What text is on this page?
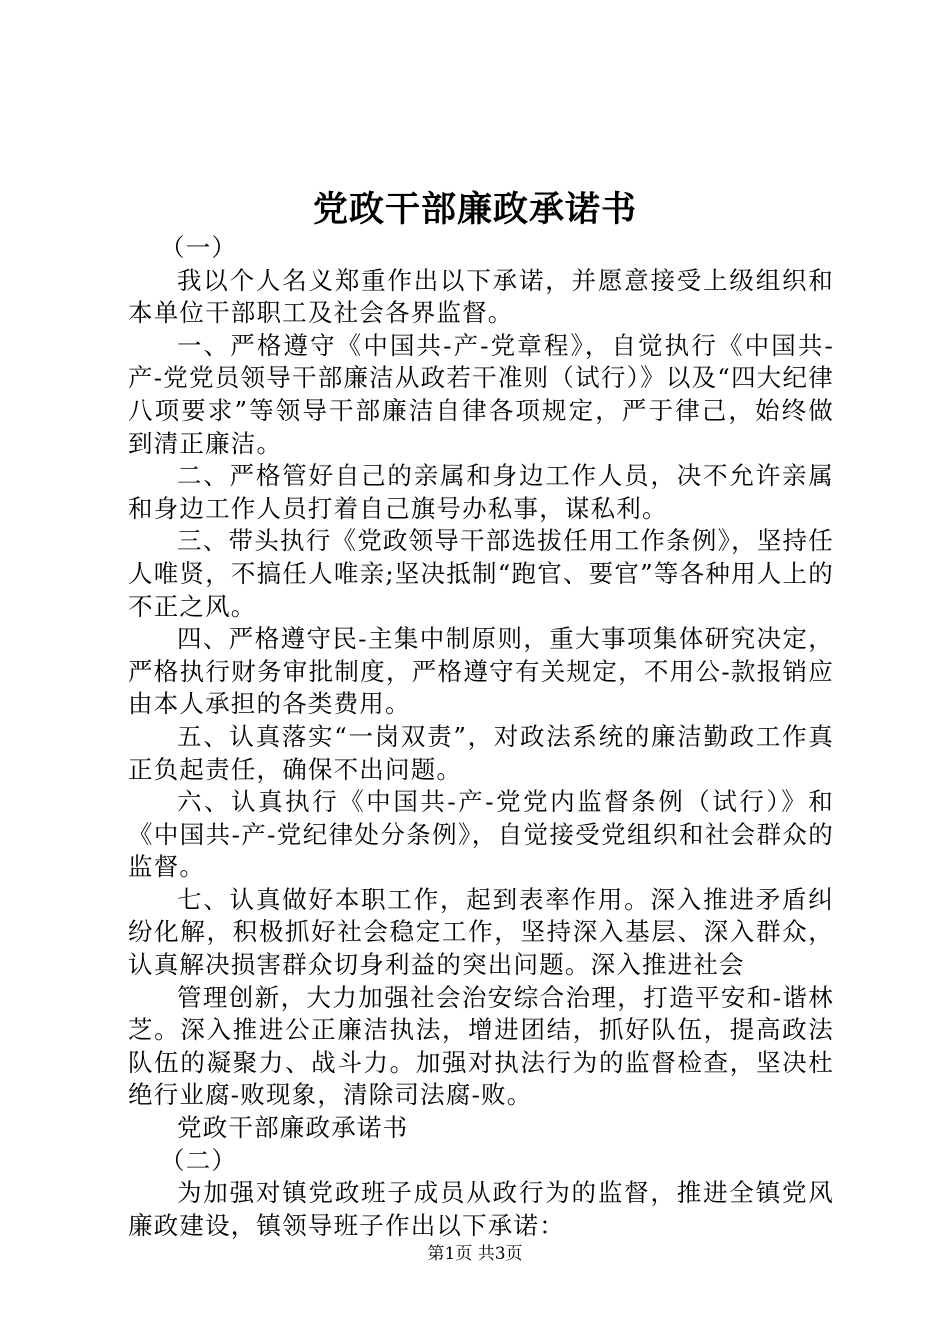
党政干部廉政承诺书

（一）

我以个人名义郑重作出以下承诺，并愿意接受上级组织和本单位干部职工及社会各界监督。

一、严格遵守《中国共-产-党章程》，自觉执行《中国共-产-党党员领导干部廉洁从政若干准则（试行）》以及“四大纪律八项要求”等领导干部廉洁自律各项规定，严于律己，始终做到清正廉洁。

二、严格管好自己的亲属和身边工作人员，决不允许亲属和身边工作人员打着自己旗号办私事，谋私利。

三、带头执行《党政领导干部选拔任用工作条例》，坚持任人唯贤，不搞任人唯亲;坚决抵制“跑官、要官”等各种用人上的不正之风。

四、严格遵守民-主集中制原则，重大事项集体研究决定，严格执行财务审批制度，严格遵守有关规定，不用公-款报销应由本人承担的各类费用。

五、认真落实“一岗双责”，对政法系统的廉洁勤政工作真正负起责任，确保不出问题。

六、认真执行《中国共-产-党党内监督条例（试行）》和《中国共-产-党纪律处分条例》，自觉接受党组织和社会群众的监督。

七、认真做好本职工作，起到表率作用。深入推进矛盾纠纷化解，积极抓好社会稳定工作，坚持深入基层、深入群众，认真解决损害群众切身利益的突出问题。深入推进社会

管理创新，大力加强社会治安综合治理，打造平安和-谐林芝。深入推进公正廉洁执法，增进团结，抓好队伍，提高政法队伍的凝聚力、战斗力。加强对执法行为的监督检查，坚决杜绝行业腐-败现象，清除司法腐-败。

党政干部廉政承诺书

（二）

为加强对镇党政班子成员从政行为的监督，推进全镇党风廉政建设，镇领导班子作出以下承诺：

第1页 共3页
